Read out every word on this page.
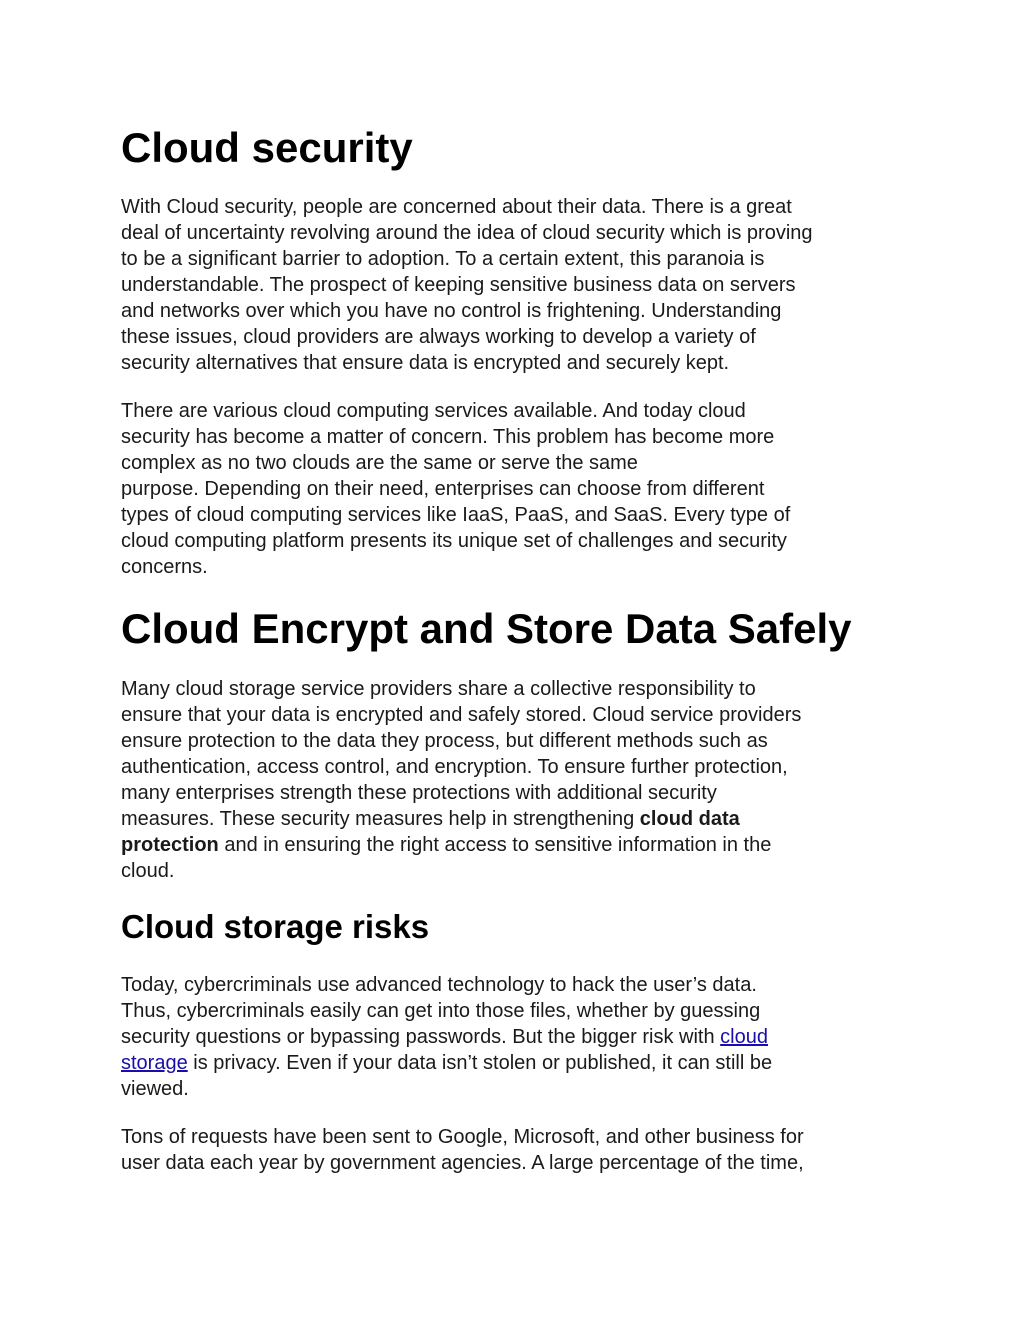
Cloud security

With Cloud security, people are concerned about their data. There is a great
deal of uncertainty revolving around the idea of cloud security which is proving
to be a significant barrier to adoption. To a certain extent, this paranoia is
understandable. The prospect of keeping sensitive business data on servers
and networks over which you have no control is frightening. Understanding
these issues, cloud providers are always working to develop a variety of
security alternatives that ensure data is encrypted and securely kept.

There are various cloud computing services available. And today cloud
security has become a matter of concern. This problem has become more
complex as no two clouds are the same or serve the same
purpose. Depending on their need, enterprises can choose from different
types of cloud computing services like IaaS, PaaS, and SaaS. Every type of
cloud computing platform presents its unique set of challenges and security
concerns.

Cloud Encrypt and Store Data Safely

Many cloud storage service providers share a collective responsibility to
ensure that your data is encrypted and safely stored. Cloud service providers
ensure protection to the data they process, but different methods such as
authentication, access control, and encryption. To ensure further protection,
many enterprises strength these protections with additional security
measures. These security measures help in strengthening cloud data
protection and in ensuring the right access to sensitive information in the
cloud.

Cloud storage risks

Today, cybercriminals use advanced technology to hack the user’s data.
Thus, cybercriminals easily can get into those files, whether by guessing
security questions or bypassing passwords. But the bigger risk with cloud
storage is privacy. Even if your data isn’t stolen or published, it can still be
viewed.

Tons of requests have been sent to Google, Microsoft, and other business for
user data each year by government agencies. A large percentage of the time,
